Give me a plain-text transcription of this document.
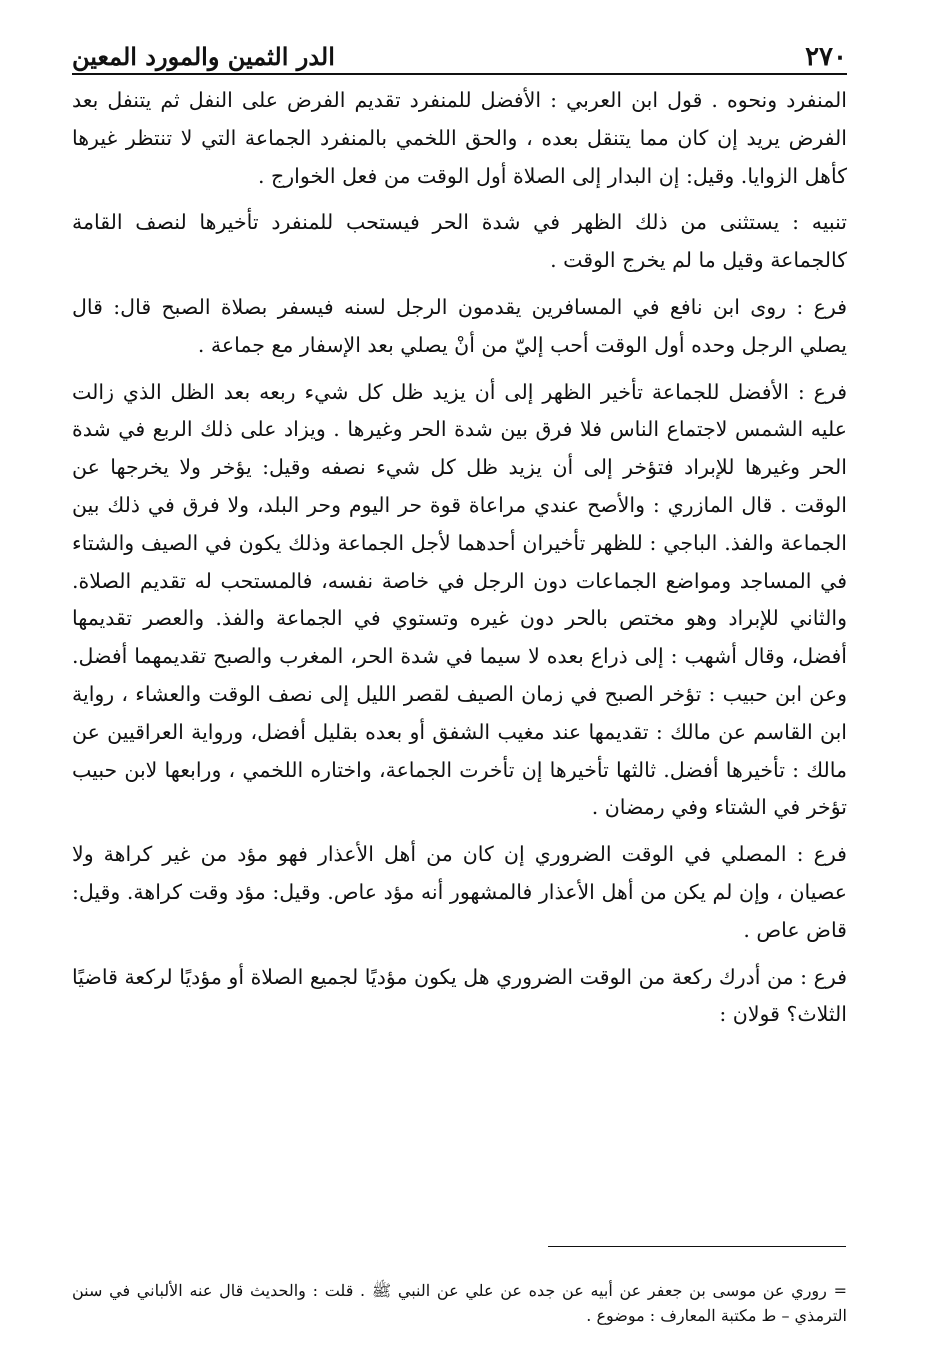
٢٧٠
الدر الثمين والمورد المعين

المنفرد ونحوه . قول ابن العربي : الأفضل للمنفرد تقديم الفرض على النفل ثم يتنفل بعد الفرض يريد إن كان مما يتنقل بعده ، والحق اللخمي بالمنفرد الجماعة التي لا تنتظر غيرها كأهل الزوايا. وقيل: إن البدار إلى الصلاة أول الوقت من فعل الخوارج .

تنبيه : يستثنى من ذلك الظهر في شدة الحر فيستحب للمنفرد تأخيرها لنصف القامة كالجماعة وقيل ما لم يخرج الوقت .

فرع : روى ابن نافع في المسافرين يقدمون الرجل لسنه فيسفر بصلاة الصبح قال: قال يصلي الرجل وحده أول الوقت أحب إليّ من أنْ يصلي بعد الإسفار مع جماعة .

فرع : الأفضل للجماعة تأخير الظهر إلى أن يزيد ظل كل شيء ربعه بعد الظل الذي زالت عليه الشمس لاجتماع الناس فلا فرق بين شدة الحر وغيرها . ويزاد على ذلك الربع في شدة الحر وغيرها للإبراد فتؤخر إلى أن يزيد ظل كل شيء نصفه وقيل: يؤخر ولا يخرجها عن الوقت . قال المازري : والأصح عندي مراعاة قوة حر اليوم وحر البلد، ولا فرق في ذلك بين الجماعة والفذ. الباجي : للظهر تأخيران أحدهما لأجل الجماعة وذلك يكون في الصيف والشتاء في المساجد ومواضع الجماعات دون الرجل في خاصة نفسه، فالمستحب له تقديم الصلاة. والثاني للإبراد وهو مختص بالحر دون غيره وتستوي في الجماعة والفذ. والعصر تقديمها أفضل، وقال أشهب : إلى ذراع بعده لا سيما في شدة الحر، المغرب والصبح تقديمهما أفضل. وعن ابن حبيب : تؤخر الصبح في زمان الصيف لقصر الليل إلى نصف الوقت والعشاء ، رواية ابن القاسم عن مالك : تقديمها عند مغيب الشفق أو بعده بقليل أفضل، ورواية العراقيين عن مالك : تأخيرها أفضل. ثالثها تأخيرها إن تأخرت الجماعة، واختاره اللخمي ، ورابعها لابن حبيب تؤخر في الشتاء وفي رمضان .

فرع : المصلي في الوقت الضروري إن كان من أهل الأعذار فهو مؤد من غير كراهة ولا عصيان ، وإن لم يكن من أهل الأعذار فالمشهور أنه مؤد عاص. وقيل: مؤد وقت كراهة. وقيل: قاض عاص .

فرع : من أدرك ركعة من الوقت الضروري هل يكون مؤديًا لجميع الصلاة أو مؤديًا لركعة قاضيًا الثلاث؟ قولان :

= روري عن موسى بن جعفر عن أبيه عن جده عن علي عن النبي ﷺ . قلت : والحديث قال عنه الألباني في سنن الترمذي – ط مكتبة المعارف : موضوع .
